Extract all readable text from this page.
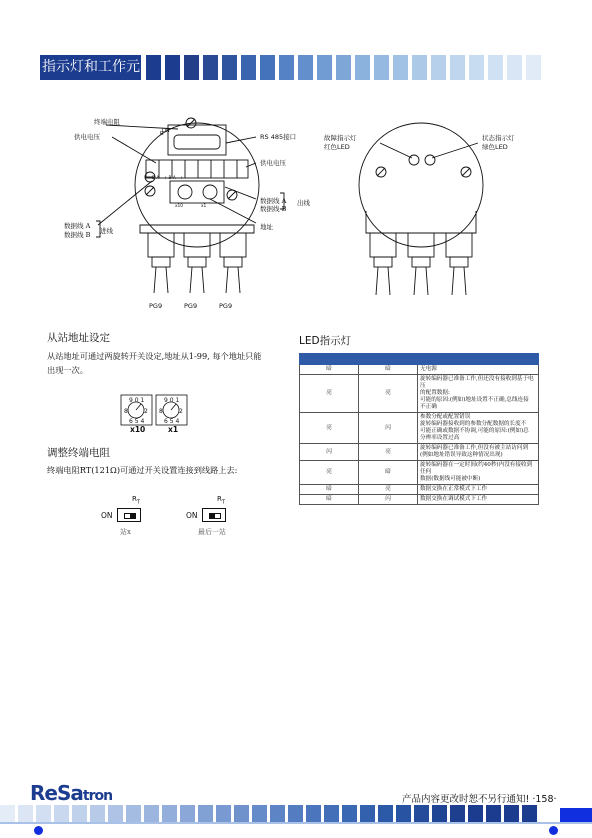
指示灯和工作元件
R
终端电阻
ON
供电电压	RS 485接口
供电电压
B A - + B A - +
x10	x1
数据线 A
数据线 B
出线
地址
数据线 A
数据线 B 进线
PG9	PG9	PG9
故障指示灯
红色LED
状态指示灯
绿色LED
从站地址设定
从站地址可通过两旋转开关设定,地址从1-99, 每个地址只能
出现一次。
9 0 1
8	2
6 5 4
9 0 1
8	2
6 5 4
x10	x1
调整终端电阻
终端电阻RT(121Ω)可通过开关设置连接到线路上去:
$R_T$
ON
站x
$R_T$
ON
最后一站
LED指示灯

暗	暗	无电源

亮	亮	旋转编码器已准备工作,但还没有接收到基于电压
的配置数据:
可能的原因:(例如)地址设置不正确,总线连接
不正确

亮	闪	参数分配或配置错误
旋转编码器接收到的参数分配数据的长度不
可能正确或数据不协调,可能的原因:(例如)总
分辨率设置过高

闪	亮	旋转编码器已准备工作,但没有被主站访问到
(例如地址错误导致这种情况出现)

亮	暗	旋转编码器在一定时间(约40秒)内没有接收到任何
数据(数据线可能被中断)

暗	亮	数据交换在正常模式下工作

暗	闪	数据交换在调试模式下工作
ReSatron	产品内容更改时恕不另行通知! ·158·
